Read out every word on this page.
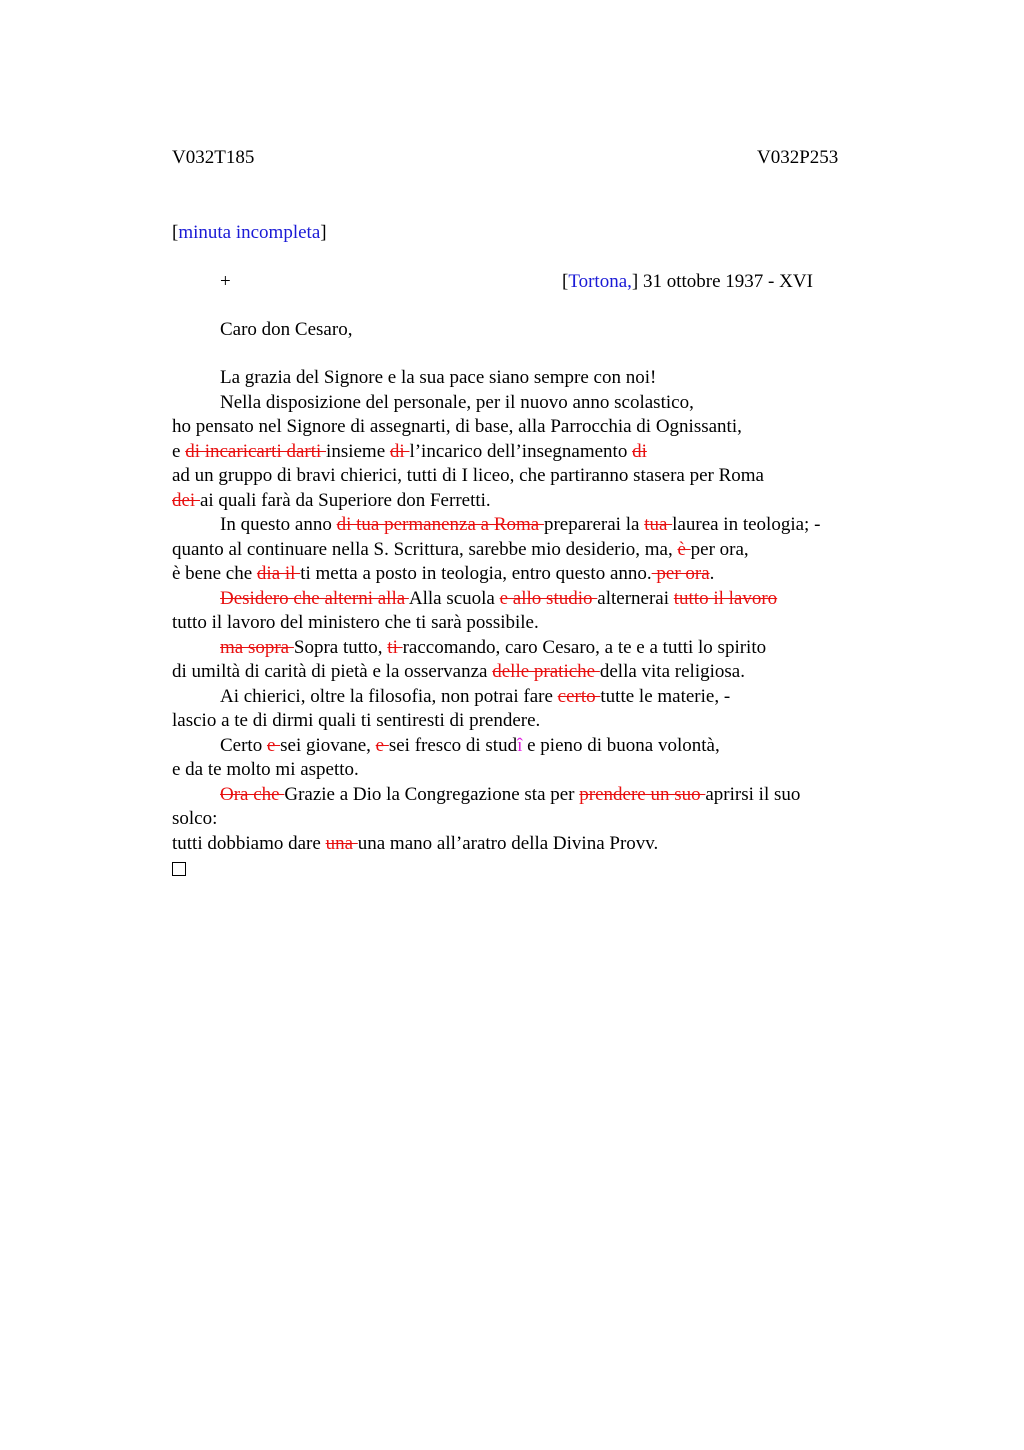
V032T185	V032P253
[minuta incompleta]
+	[Tortona,] 31 ottobre 1937 - XVI
Caro don Cesaro,
La grazia del Signore e la sua pace siano sempre con noi!
Nella disposizione del personale, per il nuovo anno scolastico,
ho pensato nel Signore di assegnarti, di base, alla Parrocchia di Ognissanti,
e di incaricarti darti insieme di l’incarico dell’insegnamento di
ad un gruppo di bravi chierici, tutti di I liceo, che partiranno stasera per Roma
dei ai quali farà da Superiore don Ferretti.
In questo anno di tua permanenza a Roma preparerai la tua laurea in teologia; -
quanto al continuare nella S. Scrittura, sarebbe mio desiderio, ma, è per ora,
è bene che dia il ti metta a posto in teologia, entro questo anno. per ora.
Desidero che alterni alla Alla scuola e allo studio alternerai tutto il lavoro
tutto il lavoro del ministero che ti sarà possibile.
ma sopra Sopra tutto, ti raccomando, caro Cesaro, a te e a tutti lo spirito
di umiltà di carità di pietà e la osservanza delle pratiche della vita religiosa.
Ai chierici, oltre la filosofia, non potrai fare certo tutte le materie, -
lascio a te di dirmi quali ti sentiresti di prendere.
Certo e sei giovane, e sei fresco di studî e pieno di buona volontà,
e da te molto mi aspetto.
Ora che Grazie a Dio la Congregazione sta per prendere un suo aprirsi il suo
solco:
tutti dobbiamo dare una una mano all’aratro della Divina Provv.
